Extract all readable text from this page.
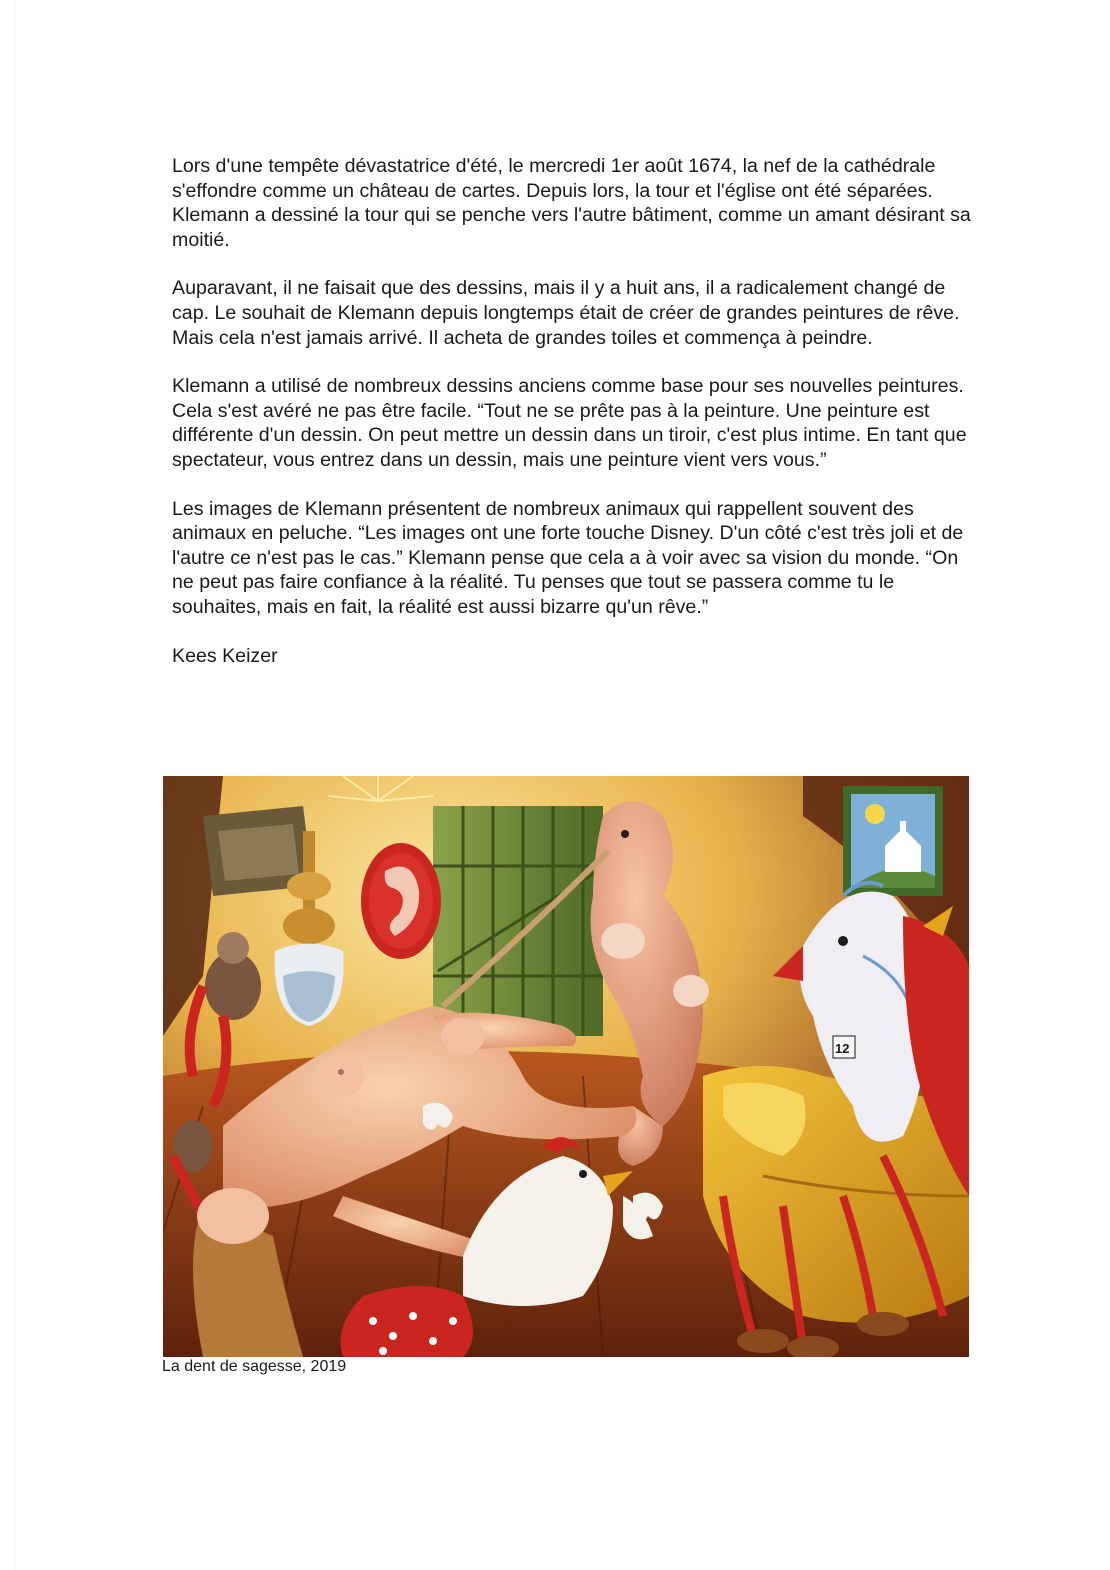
Lors d'une tempête dévastatrice d'été, le mercredi 1er août 1674, la nef de la cathédrale s'effondre comme un château de cartes. Depuis lors, la tour et l'église ont été séparées. Klemann a dessiné la tour qui se penche vers l'autre bâtiment, comme un amant désirant sa moitié.

Auparavant, il ne faisait que des dessins, mais il y a huit ans, il a radicalement changé de cap. Le souhait de Klemann depuis longtemps était de créer de grandes peintures de rêve. Mais cela n'est jamais arrivé. Il acheta de grandes toiles et commença à peindre.

Klemann a utilisé de nombreux dessins anciens comme base pour ses nouvelles peintures. Cela s'est avéré ne pas être facile. “Tout ne se prête pas à la peinture. Une peinture est différente d'un dessin. On peut mettre un dessin dans un tiroir, c'est plus intime. En tant que spectateur, vous entrez dans un dessin, mais une peinture vient vers vous.”

Les images de Klemann présentent de nombreux animaux qui rappellent souvent des animaux en peluche. “Les images ont une forte touche Disney. D'un côté c'est très joli et de l'autre ce n'est pas le cas.” Klemann pense que cela a à voir avec sa vision du monde. “On ne peut pas faire confiance à la réalité. Tu penses que tout se passera comme tu le souhaites, mais en fait, la réalité est aussi bizarre qu'un rêve.”

Kees Keizer

12

La dent de sagesse, 2019
